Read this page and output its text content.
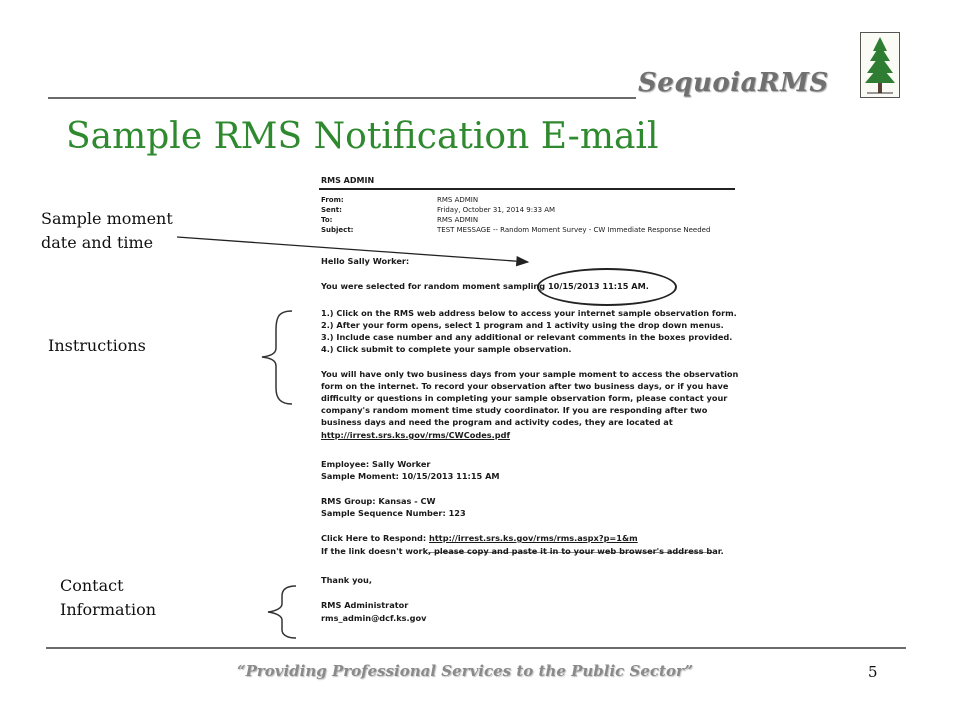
SequoiaRMS
Sample RMS Notification E-mail
RMS ADMIN
From:	RMS ADMIN
Sent:	Friday, October 31, 2014 9:33 AM
To:	RMS ADMIN
Subject:	TEST MESSAGE -- Random Moment Survey - CW Immediate Response Needed
Hello Sally Worker:
You were selected for random moment sampling 10/15/2013 11:15 AM.
1.) Click on the RMS web address below to access your internet sample observation form.
2.) After your form opens, select 1 program and 1 activity using the drop down menus.
3.) Include case number and any additional or relevant comments in the boxes provided.
4.) Click submit to complete your sample observation.
You will have only two business days from your sample moment to access the observation
form on the internet. To record your observation after two business days, or if you have
difficulty or questions in completing your sample observation form, please contact your
company's random moment time study coordinator. If you are responding after two
business days and need the program and activity codes, they are located at
http://irrest.srs.ks.gov/rms/CWCodes.pdf
Employee: Sally Worker
Sample Moment: 10/15/2013 11:15 AM
RMS Group: Kansas - CW
Sample Sequence Number: 123
Click Here to Respond: http://irrest.srs.ks.gov/rms/rms.aspx?p=1&m
If the link doesn't work, please copy and paste it in to your web browser's address bar.
Thank you,
RMS Administrator
rms_admin@dcf.ks.gov
Sample moment
date and time
Instructions
Contact
Information
“Providing Professional Services to the Public Sector”	5
